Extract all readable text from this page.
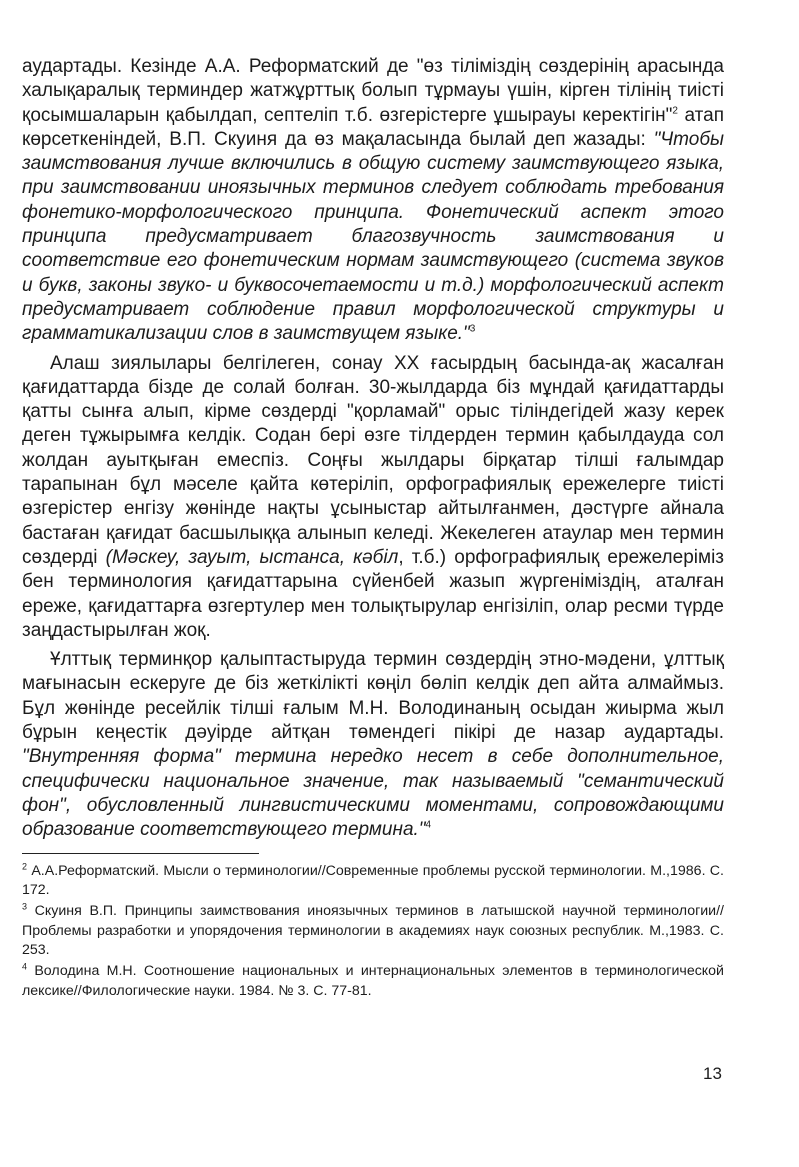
аудартады. Кезінде А.А. Реформатский де "өз тіліміздің сөздерінің арасында халықаралық терминдер жатжұрттық болып тұрмауы үшін, кірген тілінің тиісті қосымшаларын қабылдап, септеліп т.б. өзгерістерге ұшырауы керектігін"$^2$ атап көрсеткеніндей, В.П. Скуиня да өз мақаласында былай деп жазады: "Чтобы заимствования лучше включились в общую систему заимствующего языка, при заимствовании иноязычных терминов следует соблюдать требования фонетико-морфологического принципа. Фонетический аспект этого принципа предусматривает благозвучность заимствования и соответствие его фонетическим нормам заимствующего (система звуков и букв, законы звуко- и буквосочетаемости и т.д.) морфологический аспект предусматривает соблюдение правил морфологической структуры и грамматикализации слов в заимствущем языке."$^3$

Алаш зиялылары белгілеген, сонау ХХ ғасырдың басында-ақ жасалған қағидаттарда бізде де солай болған. 30-жылдарда біз мұндай қағидаттарды қатты сынға алып, кірме сөздерді "қорламай" орыс тіліндегідей жазу керек деген тұжырымға келдік. Содан бері өзге тілдерден термин қабылдауда сол жолдан ауытқыған емеспіз. Соңғы жылдары бірқатар тілші ғалымдар тарапынан бұл мәселе қайта көтеріліп, орфографиялық ережелерге тиісті өзгерістер енгізу жөнінде нақты ұсыныстар айтылғанмен, дәстүрге айнала бастаған қағидат басшылыққа алынып келеді. Жекелеген атаулар мен термин сөздерді (Мәскеу, зауыт, ыстанса, кәбіл, т.б.) орфографиялық ережелеріміз бен терминология қағидаттарына сүйенбей жазып жүргеніміздің, аталған ереже, қағидаттарға өзгертулер мен толықтырулар енгізіліп, олар ресми түрде заңдастырылған жоқ.

Ұлттық терминқор қалыптастыруда термин сөздердің этно-мәдени, ұлттық мағынасын ескеруге де біз жеткілікті көңіл бөліп келдік деп айта алмаймыз. Бұл жөнінде ресейлік тілші ғалым М.Н. Володинаның осыдан жиырма жыл бұрын кеңестік дәуірде айтқан төмендегі пікірі де назар аудартады. "Внутренняя форма" термина нередко несет в себе дополнительное, специфически национальное значение, так называемый "семантический фон", обусловленный лингвистическими моментами, сопровождающими образование соответствующего термина."$^4$

$^2$ А.А.Реформатский. Мысли о терминологии//Современные проблемы русской терминологии. М.,1986. С. 172.

$^3$ Скуиня В.П. Принципы заимствования иноязычных терминов в латышской научной терминологии//Проблемы разработки и упорядочения терминологии в академиях наук союзных республик. М.,1983. С. 253.

$^4$ Володина М.Н. Соотношение национальных и интернациональных элементов в терминологической лексике//Филологические науки. 1984. № 3. С. 77-81.

13
